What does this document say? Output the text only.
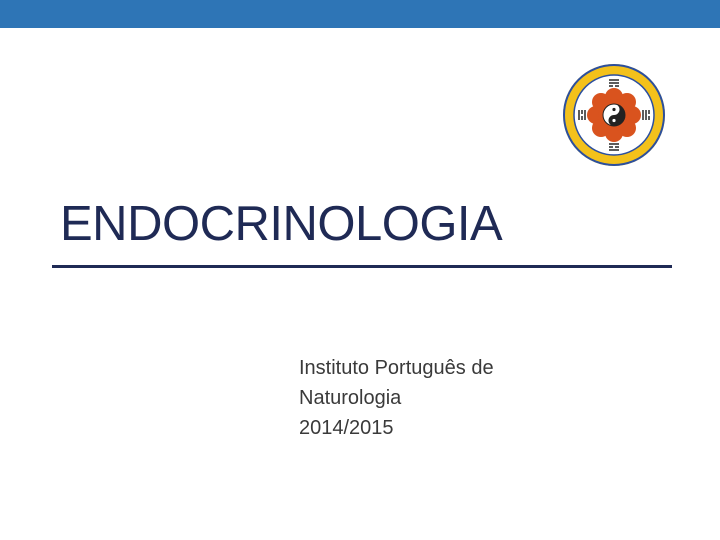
ENDOCRINOLOGIA
Instituto Português de
Naturologia
2014/2015
